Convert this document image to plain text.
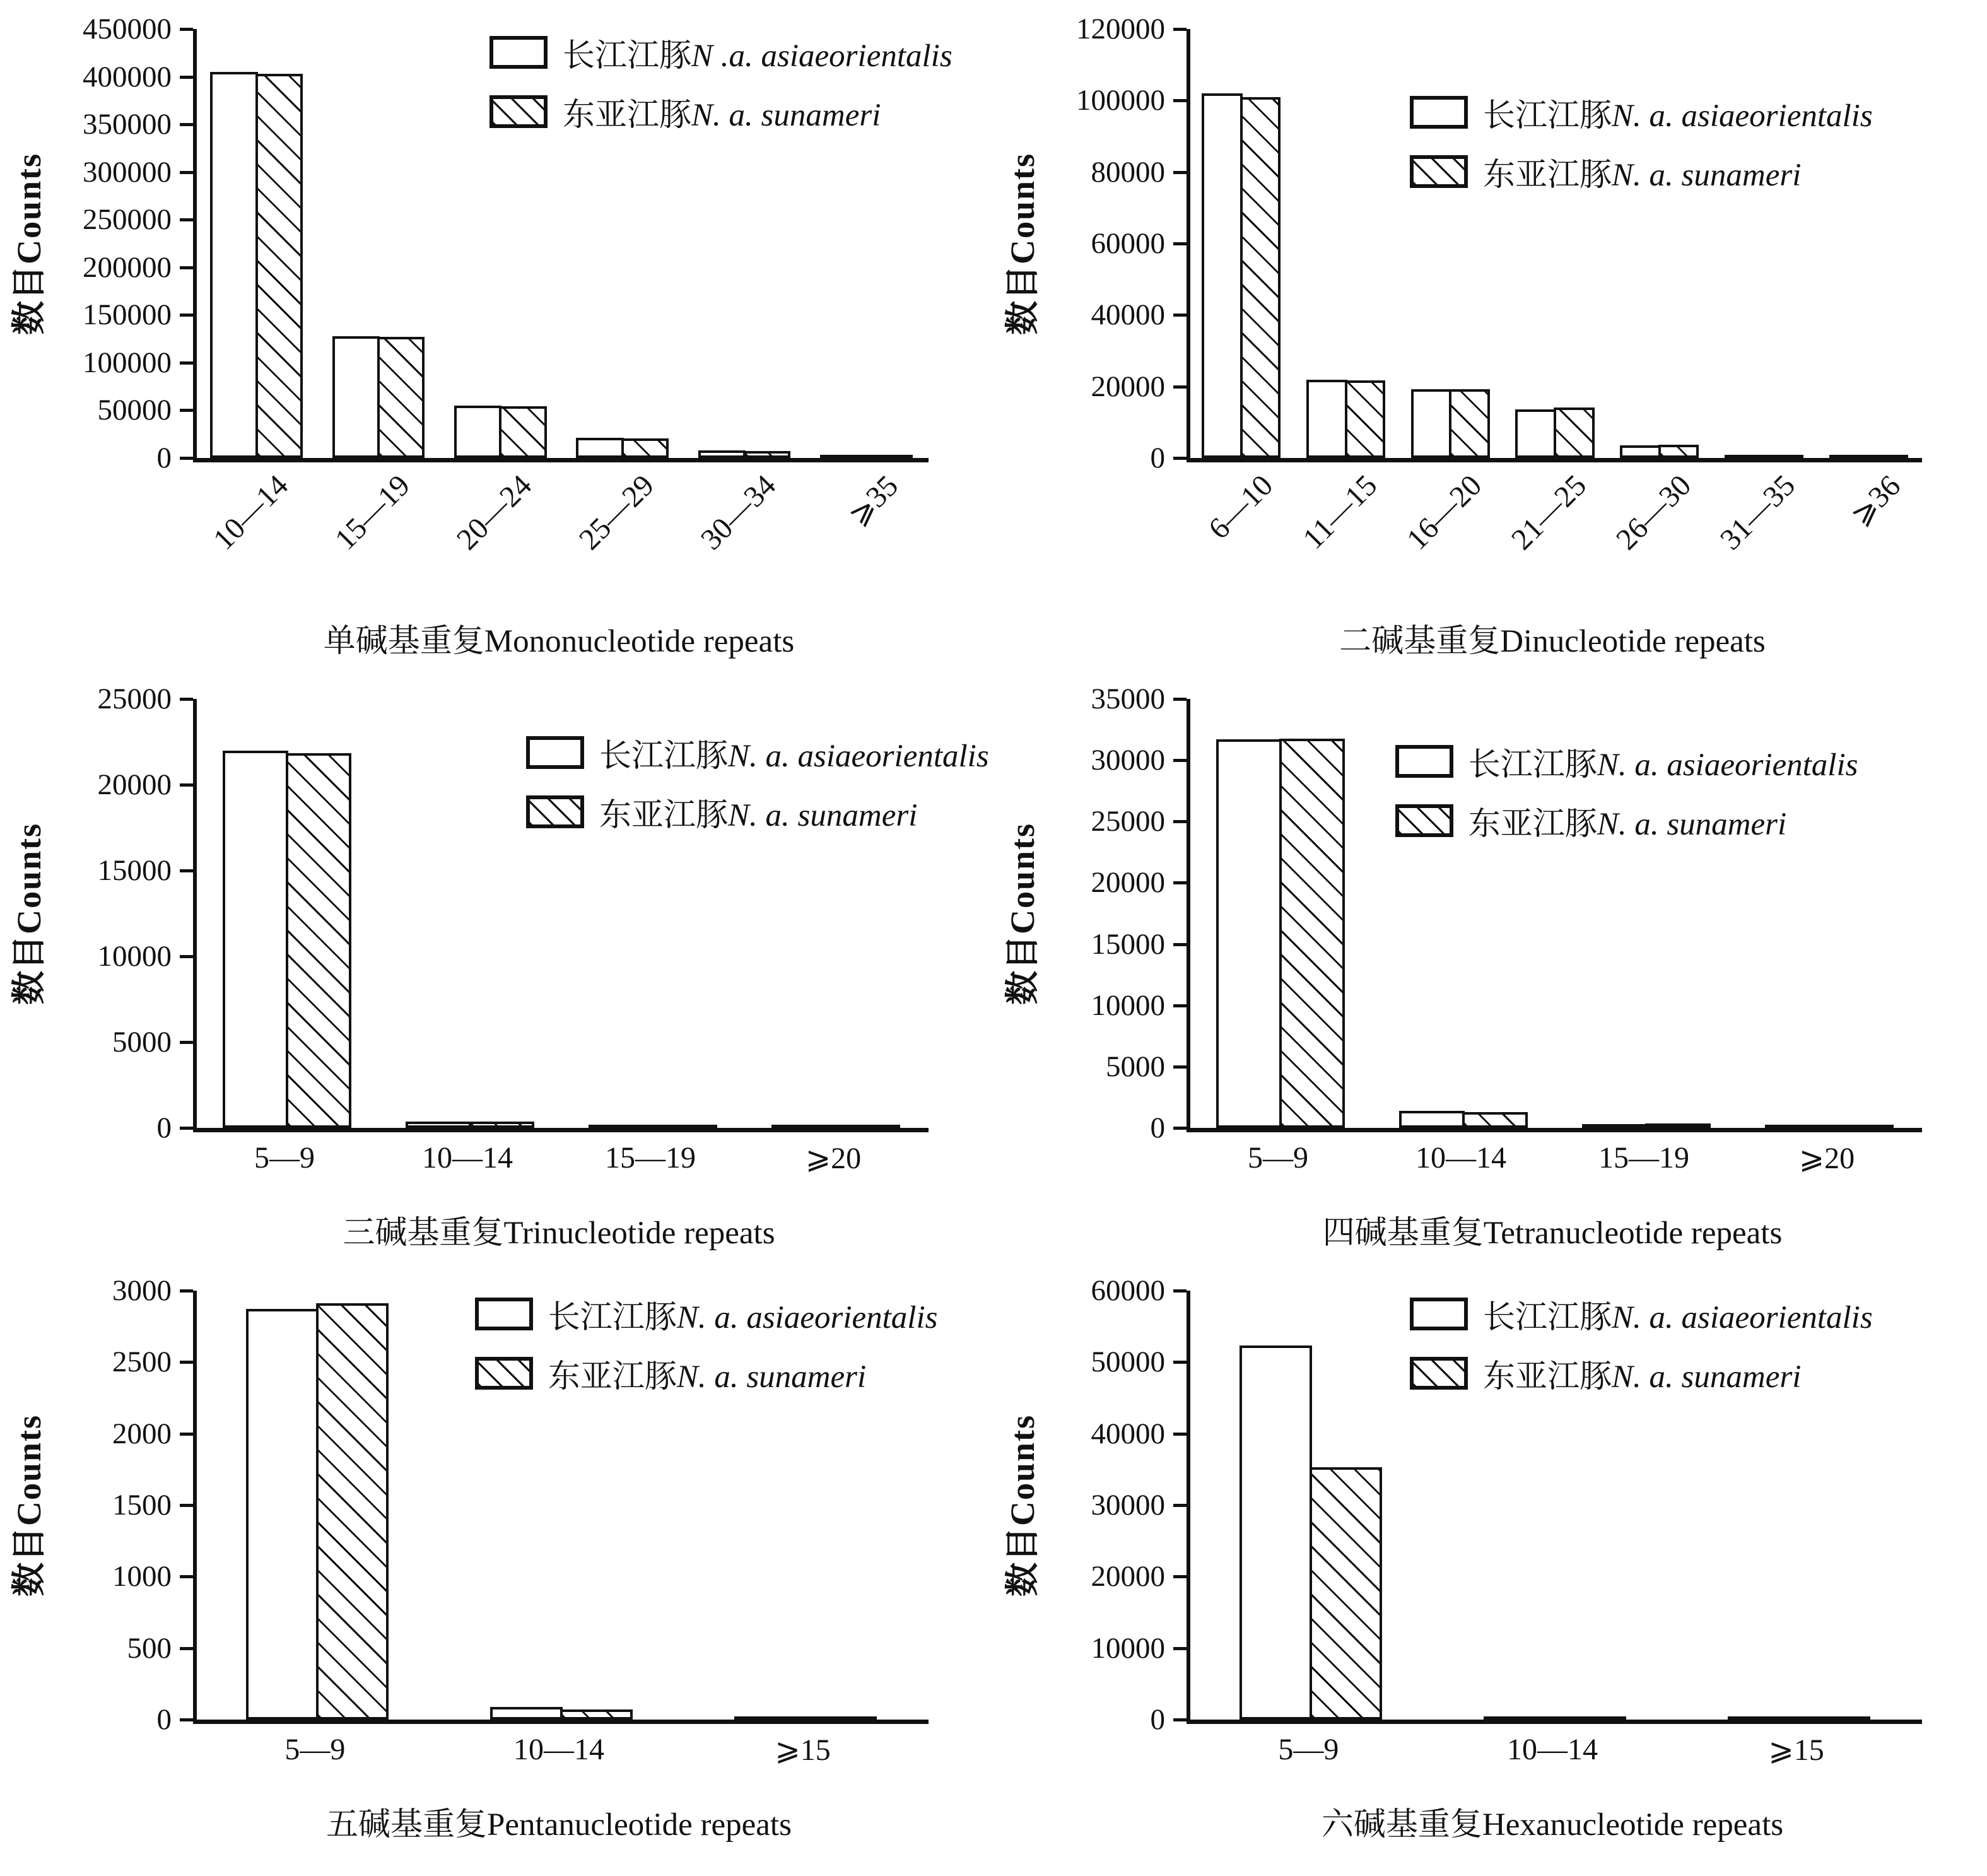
数目Counts
0
50000
100000
150000
200000
250000
300000
350000
400000
450000
长江江豚N .a. asiaeorientalis
东亚江豚N. a. sunameri
10—14 15—19 20—24 25—29 30—34 ⩾35
单碱基重复Mononucleotide repeats
数目Counts
0
20000
40000
60000
80000
100000
120000
长江江豚N. a. asiaeorientalis
东亚江豚N. a. sunameri
6—10 11—15 16—20 21—25 26—30 31—35 ⩾36
二碱基重复Dinucleotide repeats
数目Counts
0
5000
10000
15000
20000
25000
长江江豚N. a. asiaeorientalis
东亚江豚N. a. sunameri
5—9	10—14	15—19	⩾20
三碱基重复Trinucleotide repeats
数目Counts
0
5000
10000
15000
20000
25000
30000
35000
长江江豚N. a. asiaeorientalis
东亚江豚N. a. sunameri
5—9	10—14	15—19	⩾20
四碱基重复Tetranucleotide repeats
数目Counts
0
500
1000
1500
2000
2500
3000
长江江豚N. a. asiaeorientalis
东亚江豚N. a. sunameri
5—9	10—14	⩾15
五碱基重复Pentanucleotide repeats
数目Counts
0
10000
20000
30000
40000
50000
60000
长江江豚N. a. asiaeorientalis
东亚江豚N. a. sunameri
5—9	10—14	⩾15
六碱基重复Hexanucleotide repeats
